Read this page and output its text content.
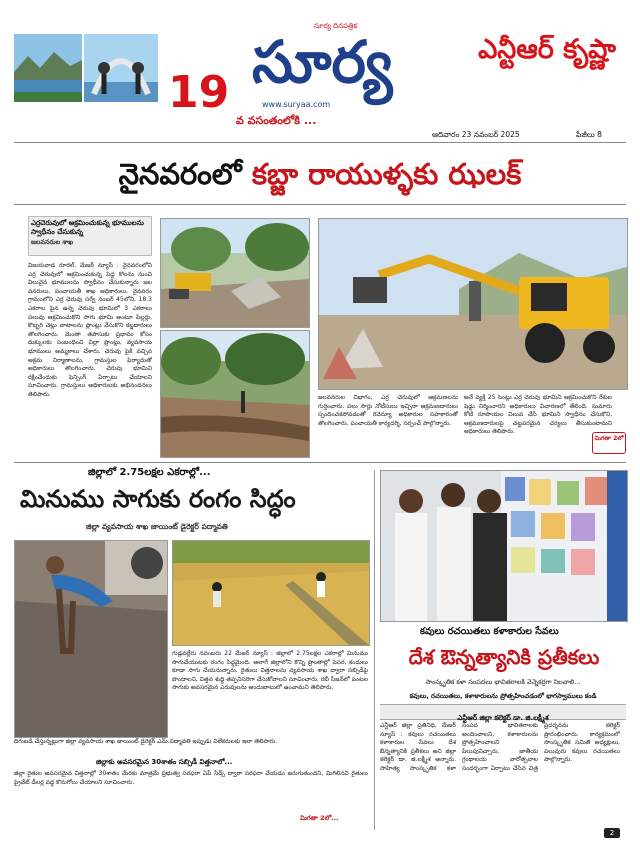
సూర్య దినపత్రిక
సూర్య
19
వ వసంతంలోకి ...
www.suryaa.com
ఎన్టీఆర్ కృష్ణా
ఆదివారం 23 నవంబర్ 2025	పేజీలు 8
నైనవరంలో కబ్జా రాయుళ్ళకు ఝలక్
ఎర్రచెరువులో అక్రమించుకున్న భూములను స్వాధీనం చేసుకున్న
జలవనరుల శాఖ
విజయవాడ రూరల్, మేజర్ న్యూస్ : నైనవరంలోని ఎర్ర చెరువులో ఆక్రమించుకున్న పెద్ద కొలను నుంచి విలువైన భూములను స్వాధీనం చేసుకున్నారు జల వనరులు, పంచాయతీ శాఖ అధికారులు. నైనవరం గ్రామంలోని ఎర్ర చెరువు సర్వే నంబర్ 45లోని, 18.3 ఎకరాల పైన ఉన్న చెరువు భూమిలో 3 ఎకరాలు పలువు ఆక్రమించుకొని సాగు భూమి అంటూ పిల్లర్లు, కొబ్బరి చెట్లు వాటాలను ప్లాంట్లు వేసుకొని కబ్జదారులు తొలగించారు. మెంతా తపాసుకు ప్రభావం కోసం దుక్కులకు సంబంధించి విల్లా ప్లాంట్లు, వ్యవసాయ భూములు అమ్మకాలు చేశారు. చెరువు పైకి వచ్చిన అక్రమ నిర్మాణాలను, గ్రామస్తుల ఫిర్యాదుతో అధికారులు తొలగించారు. చెరువు భూమిని రక్షించేందుకు ఫెన్సింగ్ ఏర్పాటు చేయాలని సూచించారు. గ్రామస్తులు అధికారులకు అభినందనలు తెలిపారు.	జలవనరుల విభాగం, ఎర్ర చెరువులో ఆక్రమణలను గుర్తించారు. పలు సార్లు నోటీసులు ఇచ్చినా ఆక్రమణదారులు స్పందించకపోవడంతో రెవెన్యూ అధికారుల సహకారంతో తొలగించారు. పంచాయతీ కార్యదర్శి, సర్పంచ్ పాల్గొన్నారు.
అనే వ్యక్తి 25 సెంట్లు ఎర్ర చెరువు భూమిని ఆక్రమించుకొని రేకుల షెడ్డు నిర్మించారని అధికారులు విచారణలో తేలింది. సుమారు కోటి రూపాయల విలువ చేసే భూమిని స్వాధీనం చేసుకొని, ఆక్రమణదారులపై చట్టపరమైన చర్యలు తీసుకుంటామని అధికారులు తెలిపారు.
మిగతా 2లో
జిల్లాలో 2.75లక్షల ఎకరాల్లో...
మినుము సాగుకు రంగం సిద్ధం
జిల్లా వ్యవసాయ శాఖ జాయింట్ డైరెక్టర్ పద్మావతి
గుడ్లవల్లేరు నవంబరు 22 మేజర్ న్యూస్ : జిల్లాలో 2.75లక్షల ఎకరాల్లో మినుము సాగుచేయుటకు రంగం సిద్ధమైంది. అలాగే జిల్లాలోని కొన్ని ప్రాంతాల్లో పెసర, కందులు కూడా సాగు చేయనున్నారు. రైతులు విత్తనాలను వ్యవసాయ శాఖ ద్వారా సబ్సిడీపై పొందాలని, విత్తన శుద్ధి తప్పనిసరిగా చేసుకోవాలని సూచించారు. రబీ సీజన్‌లో పంటల సాగుకు అవసరమైన ఎరువులను అందుబాటులో ఉంచామని తెలిపారు.
దిగుబడి చేస్తున్నట్లుగా జిల్లా వ్యవసాయ శాఖ జాయింట్ డైరెక్టర్ ఎమ్.పద్మావతి ఇప్పుడు విలేకరులకు ఇలా తెలిపారు.
జిల్లాకు అవసరమైన 30శాతం సబ్సిడీ విత్తనాలో...
జిల్లా రైతుల అవసరమైన విత్తనాల్లో 30శాతం మేరకు మాత్రమే ప్రభుత్వ సరఫరా ఏపీ సీడ్స్ ద్వారా సరఫరా చేయడం జరుగుతుందని, మిగిలినవి రైతులు ప్రైవేట్ డీలర్ల వద్ద కొనుగోలు చేయాలని సూచించారు.
మిగతా 2లో...
కవులు రచయితలు కళాకారుల సేవలు
దేశ ఔన్నత్యానికి ప్రతీకలు
సాంస్కృతిక కళా సంపదలు భావితరాలకి వెన్నెకర్రగా నిలవాలి...
కవులు, రచయితలు, కళాకారులను ప్రోత్సహించడంలో భాగస్వాములు కండి
ఎన్టీఆర్ జిల్లా కలెక్టర్ డా. జి.లక్ష్మీశ
ఎన్టీఆర్ జిల్లా ప్రతినిధి, మేజర్ న్యూస్ : కవులు రచయితలు కళాకారుల సేవలు దేశ ఔన్నత్యానికి ప్రతీకలు అని జిల్లా కలెక్టర్ డా. జి.లక్ష్మీశ అన్నారు. సాహిత్య సాంస్కృతిక కళా సంపద భావితరాలకు అందించాలని, కళాకారులను ప్రోత్సహించాలని పిలుపునిచ్చారు. జాతీయ గ్రంథాలయ వారోత్సవాల సందర్భంగా ఏర్పాటు చేసిన చిత్ర ప్రదర్శనను కలెక్టర్ ప్రారంభించారు. కార్యక్రమంలో సాంస్కృతిక సమితి అధ్యక్షులు, పలువురు కవులు రచయితలు పాల్గొన్నారు.
2
